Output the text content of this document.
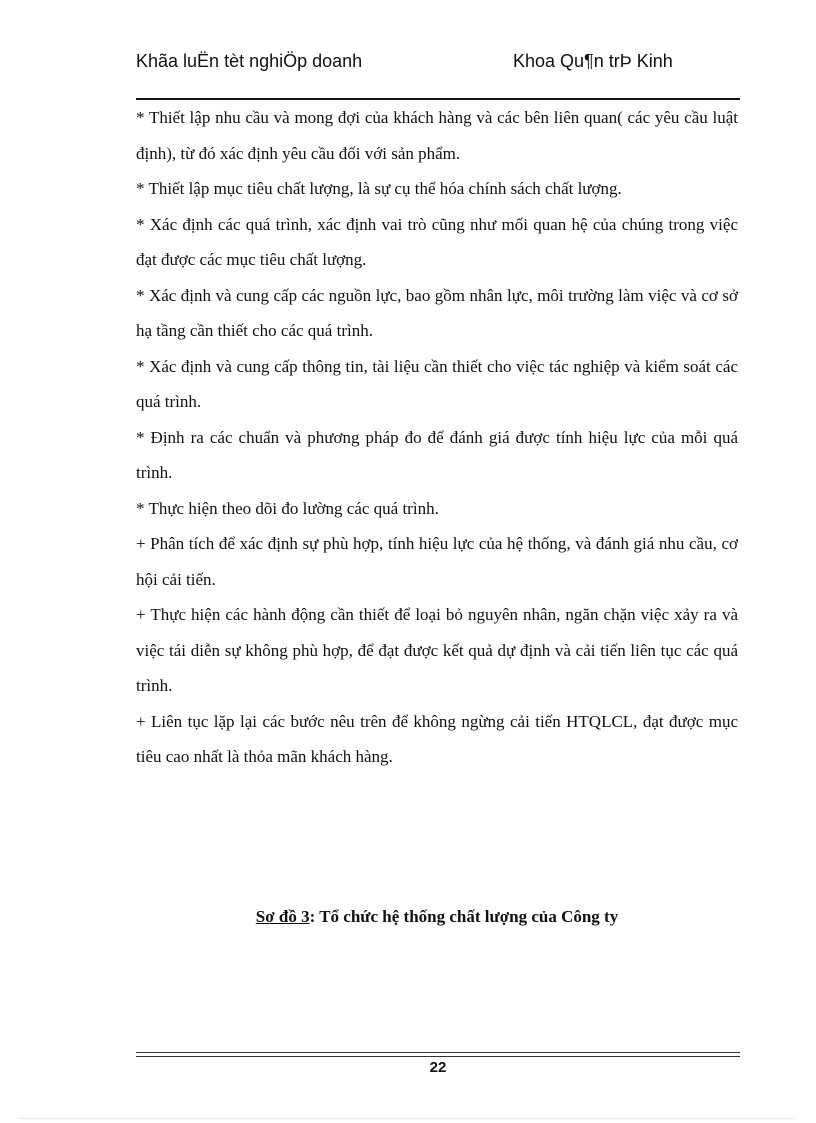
Khãa luËn tèt nghiÖp doanh	Khoa Qu¶n trÞ Kinh

* Thiết lập nhu cầu và mong đợi của khách hàng và các bên liên quan( các yêu cầu luật định), từ đó xác định yêu cầu đối với sản phẩm.

* Thiết lập mục tiêu chất lượng, là sự cụ thể hóa chính sách chất lượng.

* Xác định các quá trình, xác định vai trò cũng như mối quan hệ của chúng trong việc đạt được các mục tiêu chất lượng.

* Xác định và cung cấp các nguồn lực, bao gồm nhân lực, môi trường làm việc và cơ sở hạ tầng cần thiết cho các quá trình.

* Xác định và cung cấp thông tin, tài liệu cần thiết cho việc tác nghiệp và kiểm soát các quá trình.

* Định ra các chuẩn và phương pháp đo để đánh giá được tính hiệu lực của mỗi quá trình.

* Thực hiện theo dõi đo lường các quá trình.

+ Phân tích để xác định sự phù hợp, tính hiệu lực của hệ thống, và đánh giá nhu cầu, cơ hội cải tiến.

+ Thực hiện các hành động cần thiết để loại bỏ nguyên nhân, ngăn chặn việc xảy ra và việc tái diễn sự không phù hợp, để đạt được kết quả dự định và cải tiến liên tục các quá trình.

+ Liên tục lặp lại các bước nêu trên để không ngừng cải tiến HTQLCL, đạt được mục tiêu cao nhất là thỏa mãn khách hàng.

Sơ đồ 3: Tổ chức hệ thống chất lượng của Công ty
22
